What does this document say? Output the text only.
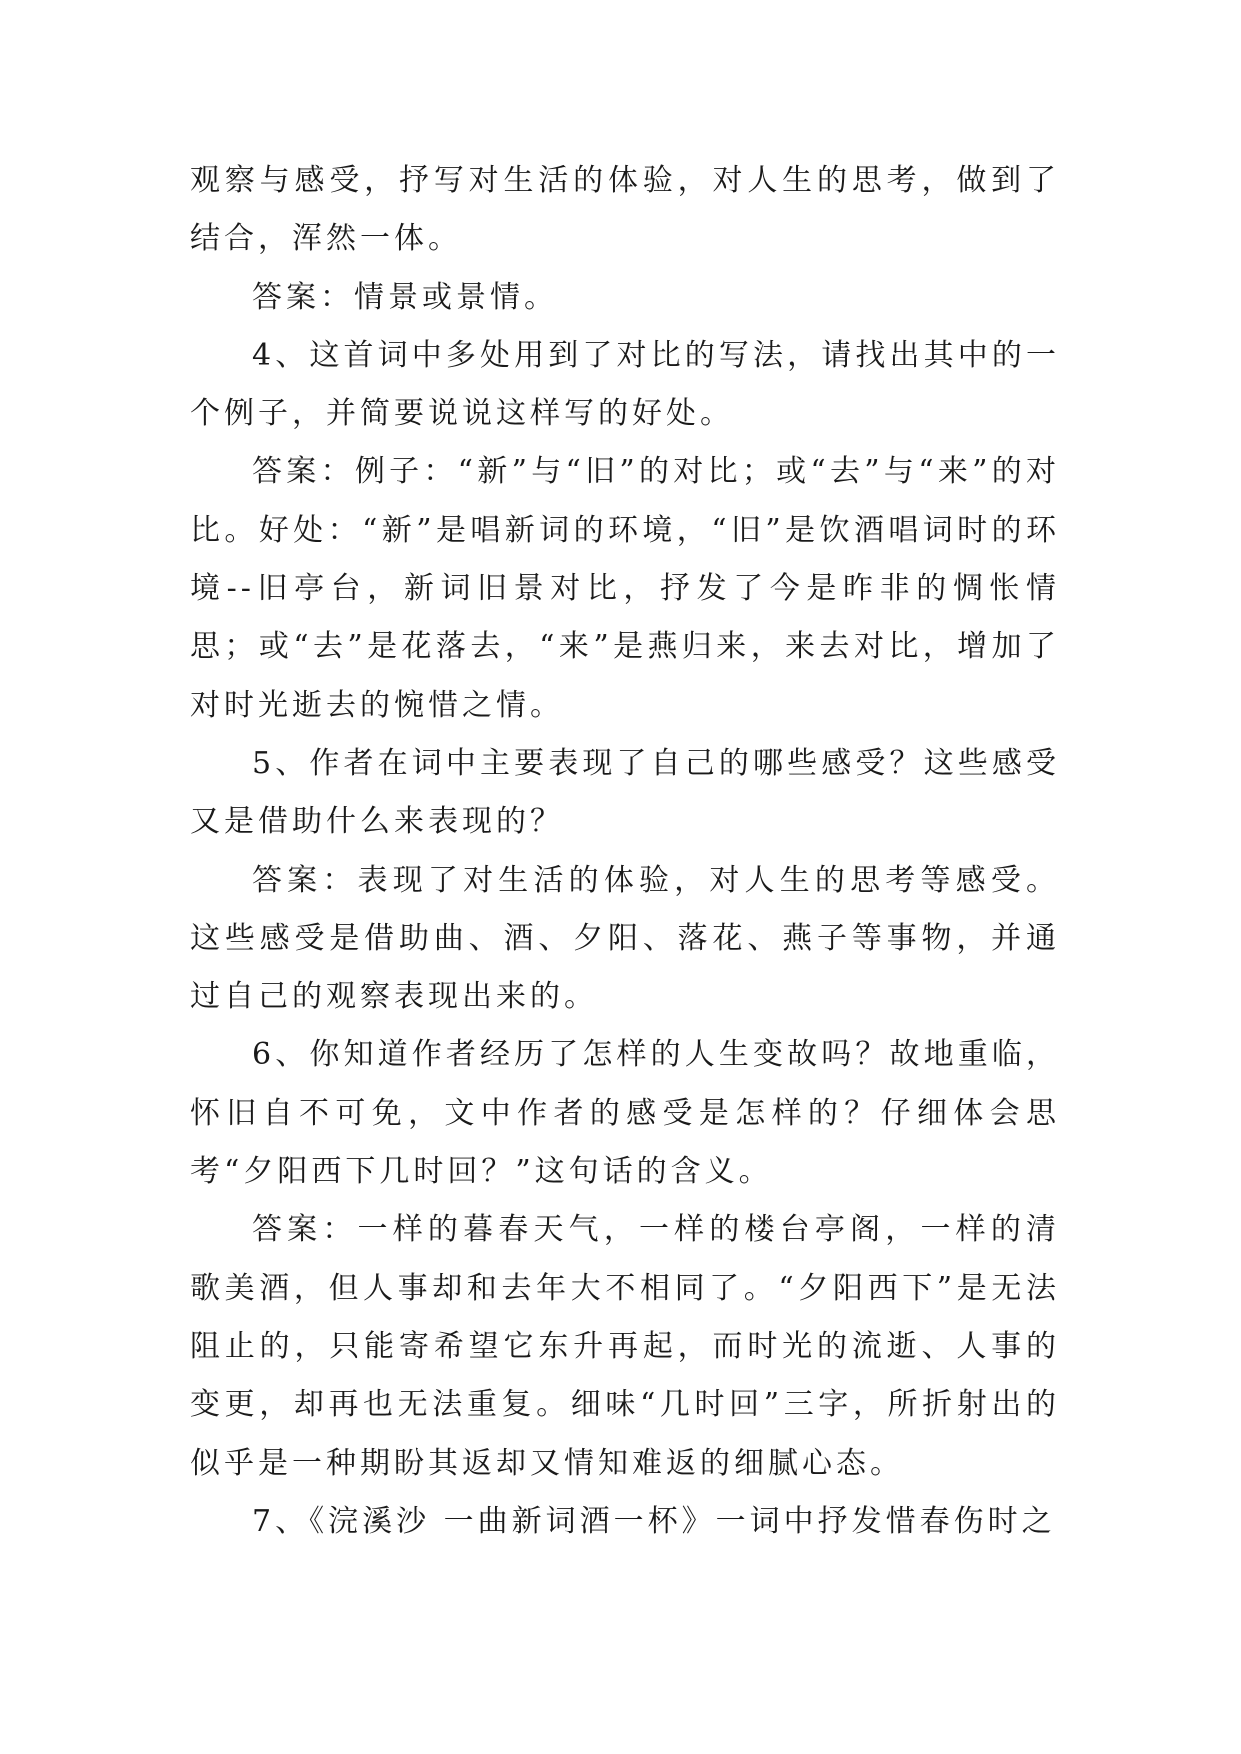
观察与感受，抒写对生活的体验，对人生的思考，做到了结合，浑然一体。

答案：情景或景情。

4、这首词中多处用到了对比的写法，请找出其中的一个例子，并简要说说这样写的好处。

答案：例子：“新”与“旧”的对比；或“去”与“来”的对比。好处：“新”是唱新词的环境，“旧”是饮酒唱词时的环境--旧亭台，新词旧景对比，抒发了今是昨非的惆怅情思；或“去”是花落去，“来”是燕归来，来去对比，增加了对时光逝去的惋惜之情。

5、作者在词中主要表现了自己的哪些感受？这些感受又是借助什么来表现的？

答案：表现了对生活的体验，对人生的思考等感受。这些感受是借助曲、酒、夕阳、落花、燕子等事物，并通过自己的观察表现出来的。

6、你知道作者经历了怎样的人生变故吗？故地重临，怀旧自不可免，文中作者的感受是怎样的？仔细体会思考“夕阳西下几时回？”这句话的含义。

答案：一样的暮春天气，一样的楼台亭阁，一样的清歌美酒，但人事却和去年大不相同了。“夕阳西下”是无法阻止的，只能寄希望它东升再起，而时光的流逝、人事的变更，却再也无法重复。细味“几时回”三字，所折射出的似乎是一种期盼其返却又情知难返的细腻心态。

7、《浣溪沙 一曲新词酒一杯》一词中抒发惜春伤时之
